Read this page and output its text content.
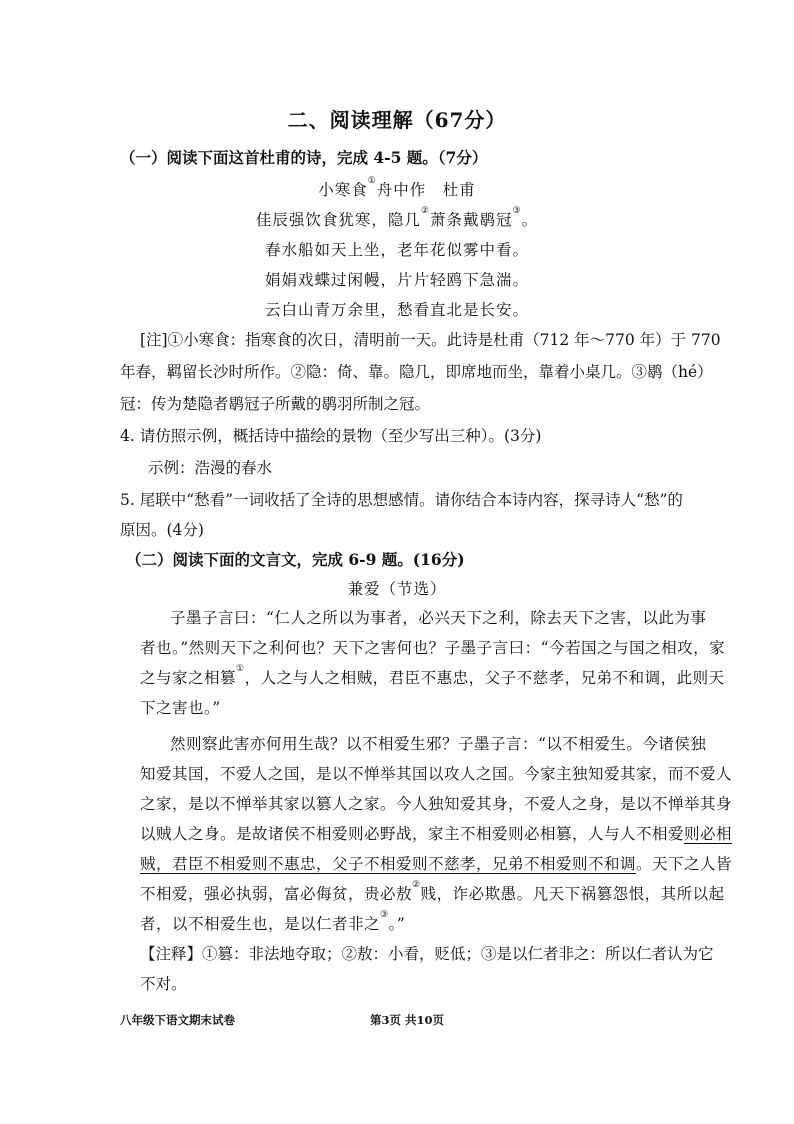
二、阅读理解（67分）
（一）阅读下面这首杜甫的诗，完成 4-5 题。（7分）
小寒食①舟中作　杜甫
佳辰强饮食犹寒，隐几②萧条戴鹖冠③。
春水船如天上坐，老年花似雾中看。
娟娟戏蝶过闲幔，片片轻鸥下急湍。
云白山青万余里，愁看直北是长安。
[注]①小寒食：指寒食的次日，清明前一天。此诗是杜甫（712 年～770 年）于 770
年春，羁留长沙时所作。②隐：倚、靠。隐几，即席地而坐，靠着小桌几。③鹖（hé）
冠：传为楚隐者鹖冠子所戴的鹖羽所制之冠。
4. 请仿照示例，概括诗中描绘的景物（至少写出三种）。(3分)
示例：浩漫的春水
5. 尾联中“愁看”一词收括了全诗的思想感情。请你结合本诗内容，探寻诗人“愁”的
原因。(4分)
（二）阅读下面的文言文，完成 6-9 题。(16分)
兼爱（节选）
子墨子言曰：“仁人之所以为事者，必兴天下之利，除去天下之害，以此为事
者也。”然则天下之利何也？天下之害何也？子墨子言曰：“今若国之与国之相攻，家
之与家之相篡①，人之与人之相贼，君臣不惠忠，父子不慈孝，兄弟不和调，此则天
下之害也。”
然则察此害亦何用生哉？以不相爱生邪？子墨子言：“以不相爱生。今诸侯独
知爱其国，不爱人之国，是以不惮举其国以攻人之国。今家主独知爱其家，而不爱人
之家，是以不惮举其家以篡人之家。今人独知爱其身，不爱人之身，是以不惮举其身
以贼人之身。是故诸侯不相爱则必野战，家主不相爱则必相篡，人与人不相爱则必相
贼，君臣不相爱则不惠忠，父子不相爱则不慈孝，兄弟不相爱则不和调。天下之人皆
不相爱，强必执弱，富必侮贫，贵必敖②贱，诈必欺愚。凡天下祸篡怨恨，其所以起
者，以不相爱生也，是以仁者非之③。”
【注释】①篡：非法地夺取；②敖：小看，贬低；③是以仁者非之：所以仁者认为它
不对。
八年级下语文期末试卷	第3页 共10页
